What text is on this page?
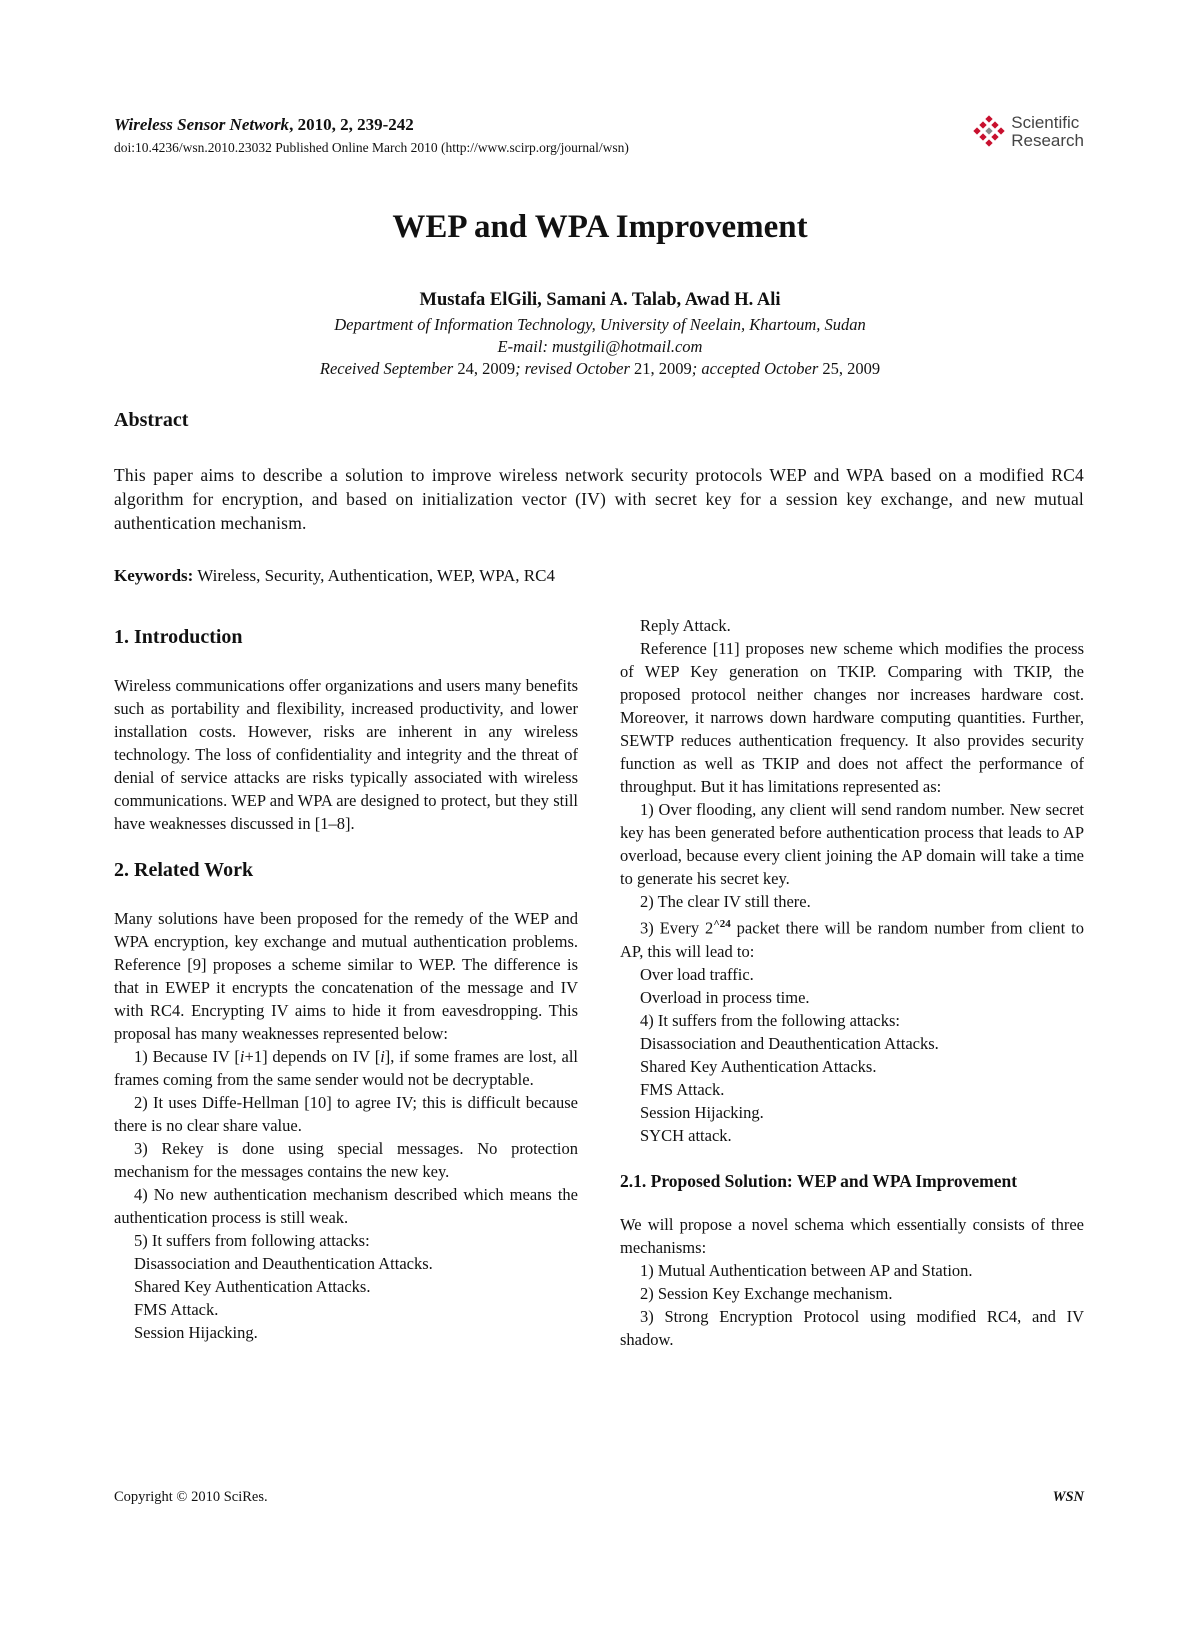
Wireless Sensor Network, 2010, 2, 239-242
doi:10.4236/wsn.2010.23032 Published Online March 2010 (http://www.scirp.org/journal/wsn)
Scientific
Research
WEP and WPA Improvement
Mustafa ElGili, Samani A. Talab, Awad H. Ali
Department of Information Technology, University of Neelain, Khartoum, Sudan
E-mail: mustgili@hotmail.com
Received September 24, 2009; revised October 21, 2009; accepted October 25, 2009
Abstract
This paper aims to describe a solution to improve wireless network security protocols WEP and WPA based on a modified RC4 algorithm for encryption, and based on initialization vector (IV) with secret key for a session key exchange, and new mutual authentication mechanism.
Keywords: Wireless, Security, Authentication, WEP, WPA, RC4
1. Introduction

Wireless communications offer organizations and users many benefits such as portability and flexibility, increased productivity, and lower installation costs. However, risks are inherent in any wireless technology. The loss of confidentiality and integrity and the threat of denial of service attacks are risks typically associated with wireless communications. WEP and WPA are designed to protect, but they still have weaknesses discussed in [1–8].

2. Related Work

Many solutions have been proposed for the remedy of the WEP and WPA encryption, key exchange and mutual authentication problems. Reference [9] proposes a scheme similar to WEP. The difference is that in EWEP it encrypts the concatenation of the message and IV with RC4. Encrypting IV aims to hide it from eavesdropping. This proposal has many weaknesses represented below:

1) Because IV [i+1] depends on IV [i], if some frames are lost, all frames coming from the same sender would not be decryptable.

2) It uses Diffe-Hellman [10] to agree IV; this is difficult because there is no clear share value.

3) Rekey is done using special messages. No protection mechanism for the messages contains the new key.

4) No new authentication mechanism described which means the authentication process is still weak.

5) It suffers from following attacks:

Disassociation and Deauthentication Attacks.

Shared Key Authentication Attacks.

FMS Attack.

Session Hijacking.

Reply Attack.

Reference [11] proposes new scheme which modifies the process of WEP Key generation on TKIP. Comparing with TKIP, the proposed protocol neither changes nor increases hardware cost. Moreover, it narrows down hardware computing quantities. Further, SEWTP reduces authentication frequency. It also provides security function as well as TKIP and does not affect the performance of throughput. But it has limitations represented as:

1) Over flooding, any client will send random number. New secret key has been generated before authentication process that leads to AP overload, because every client joining the AP domain will take a time to generate his secret key.

2) The clear IV still there.

3) Every $2^{\^{}24}$ packet there will be random number from client to AP, this will lead to:

Over load traffic.

Overload in process time.

4) It suffers from the following attacks:

Disassociation and Deauthentication Attacks.

Shared Key Authentication Attacks.

FMS Attack.

Session Hijacking.

SYCH attack.

2.1. Proposed Solution: WEP and WPA Improvement

We will propose a novel schema which essentially consists of three mechanisms:

1) Mutual Authentication between AP and Station.

2) Session Key Exchange mechanism.

3) Strong Encryption Protocol using modified RC4, and IV shadow.

Copyright © 2010 SciRes.	WSN
